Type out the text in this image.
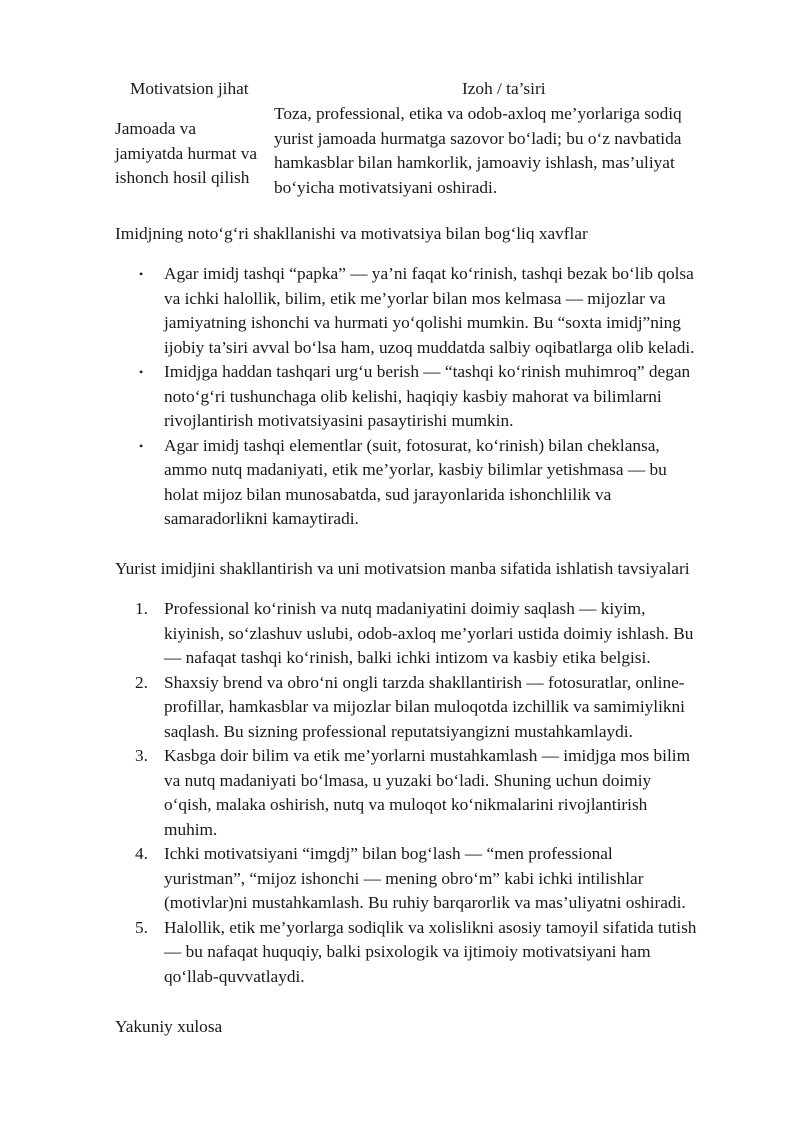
Motivatsion jihat	Izoh / ta’siri
Jamoada va
jamiyatda hurmat va
ishonch hosil qilish
Toza, professional, etika va odob-axloq me’yorlariga sodiq
yurist jamoada hurmatga sazovor bo‘ladi; bu o‘z navbatida
hamkasblar bilan hamkorlik, jamoaviy ishlash, mas’uliyat
bo‘yicha motivatsiyani oshiradi.
Imidjning noto‘g‘ri shakllanishi va motivatsiya bilan bog‘liq xavflar
• Agar imidj tashqi “papka” — ya’ni faqat ko‘rinish, tashqi bezak bo‘lib qolsa
va ichki halollik, bilim, etik me’yorlar bilan mos kelmasa — mijozlar va
jamiyatning ishonchi va hurmati yo‘qolishi mumkin. Bu “soxta imidj”ning
ijobiy ta’siri avval bo‘lsa ham, uzoq muddatda salbiy oqibatlarga olib keladi.
• Imidjga haddan tashqari urg‘u berish — “tashqi ko‘rinish muhimroq” degan
noto‘g‘ri tushunchaga olib kelishi, haqiqiy kasbiy mahorat va bilimlarni
rivojlantirish motivatsiyasini pasaytirishi mumkin.
• Agar imidj tashqi elementlar (suit, fotosurat, ko‘rinish) bilan cheklansa,
ammo nutq madaniyati, etik me’yorlar, kasbiy bilimlar yetishmasa — bu
holat mijoz bilan munosabatda, sud jarayonlarida ishonchlilik va
samaradorlikni kamaytiradi.
Yurist imidjini shakllantirish va uni motivatsion manba sifatida ishlatish tavsiyalari
1. Professional ko‘rinish va nutq madaniyatini doimiy saqlash — kiyim,
kiyinish, so‘zlashuv uslubi, odob-axloq me’yorlari ustida doimiy ishlash. Bu
— nafaqat tashqi ko‘rinish, balki ichki intizom va kasbiy etika belgisi.
2. Shaxsiy brend va obro‘ni ongli tarzda shakllantirish — fotosuratlar, online-
profillar, hamkasblar va mijozlar bilan muloqotda izchillik va samimiylikni
saqlash. Bu sizning professional reputatsiyangizni mustahkamlaydi.
3. Kasbga doir bilim va etik me’yorlarni mustahkamlash — imidjga mos bilim
va nutq madaniyati bo‘lmasa, u yuzaki bo‘ladi. Shuning uchun doimiy
o‘qish, malaka oshirish, nutq va muloqot ko‘nikmalarini rivojlantirish
muhim.
4. Ichki motivatsiyani “imgdj” bilan bog‘lash — “men professional
yuristman”, “mijoz ishonchi — mening obro‘m” kabi ichki intilishlar
(motivlar)ni mustahkamlash. Bu ruhiy barqarorlik va mas’uliyatni oshiradi.
5. Halollik, etik me’yorlarga sodiqlik va xolislikni asosiy tamoyil sifatida tutish
— bu nafaqat huquqiy, balki psixologik va ijtimoiy motivatsiyani ham
qo‘llab-quvvatlaydi.
Yakuniy xulosa
